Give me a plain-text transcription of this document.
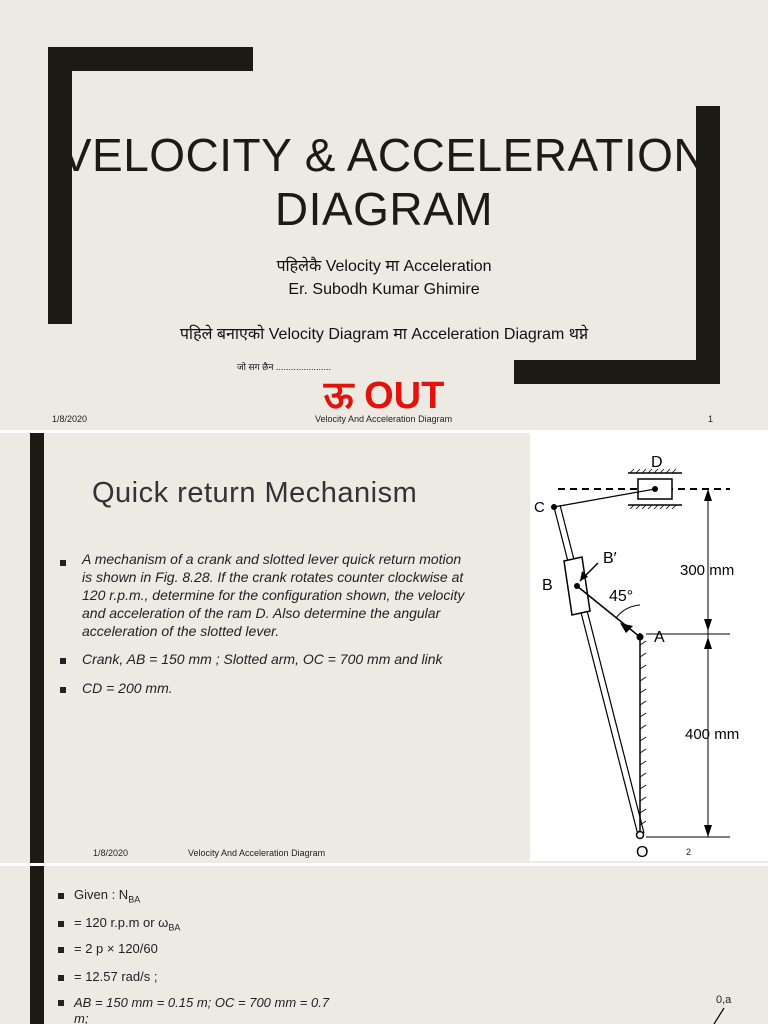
VELOCITY & ACCELERATION
DIAGRAM
पहिलेकै Velocity मा Acceleration
Er. Subodh Kumar Ghimire
पहिले बनाएको Velocity Diagram मा Acceleration Diagram थप्ने
जो सग छैन ......................
ऊ OUT
1/8/2020	Velocity And Acceleration Diagram	1
Quick return Mechanism
A mechanism of a crank and slotted lever quick return motion
is shown in Fig. 8.28. If the crank rotates counter clockwise at
120 r.p.m., determine for the configuration shown, the velocity
and acceleration of the ram D. Also determine the angular
acceleration of the slotted lever.
Crank, AB = 150 mm ; Slotted arm, OC = 700 mm and link
CD = 200 mm.
D
C
B
B′
45°
A
O
300 mm
400 mm
1/8/2020	Velocity And Acceleration Diagram	2
Given : $N_{BA}$
= 120 r.p.m or $\omega_{BA}$
= 2 p × 120/60
= 12.57 rad/s ;
AB = 150 mm = 0.15 m; OC = 700 mm = 0.7
m;
0,a
